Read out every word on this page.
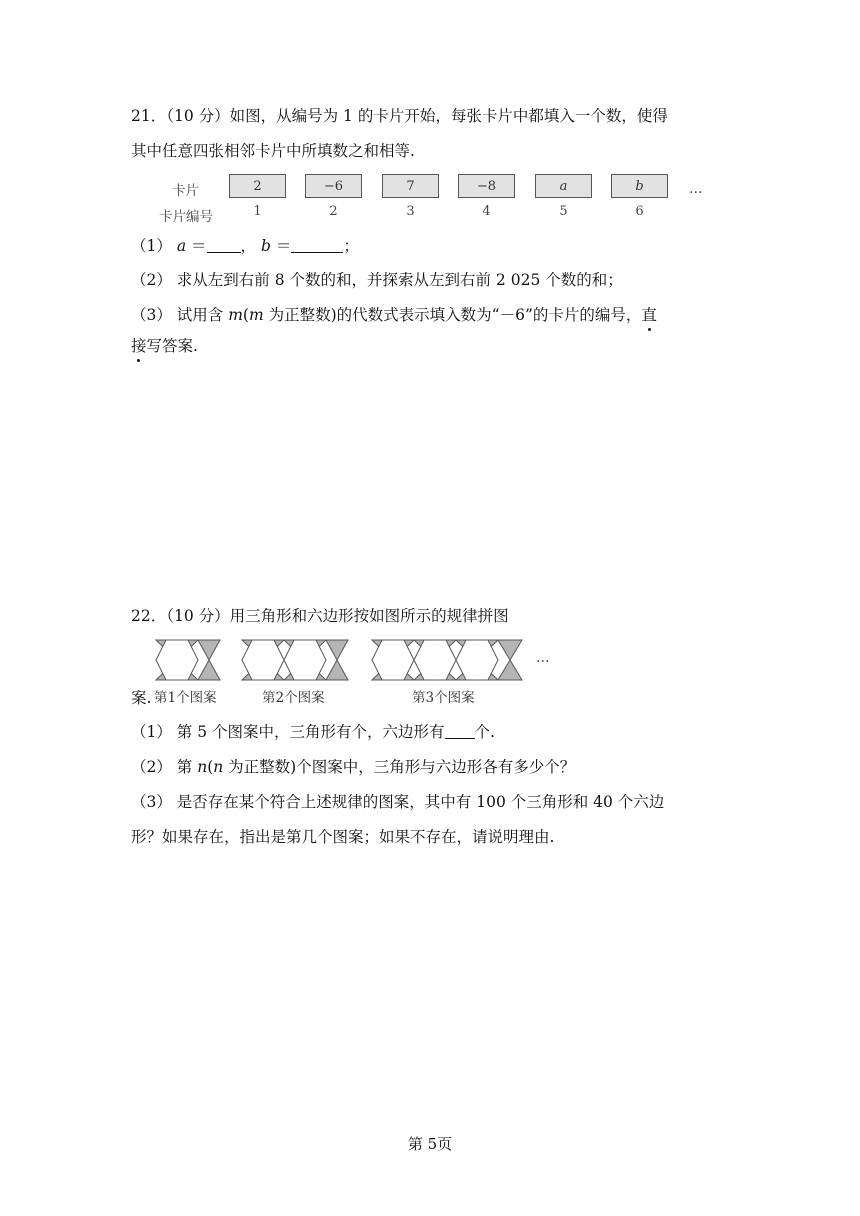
21．（10 分）如图，从编号为 1 的卡片开始，每张卡片中都填入一个数，使得
其中任意四张相邻卡片中所填数之和相等.
卡片
卡片编号
2	−6	7	−8	a	b	…
1	2	3	4	5	6
（1） a ＝ ， b ＝	；
（2） 求从左到右前 8 个数的和，并探索从左到右前 2 025 个数的和；
（3） 试用含 m(m 为正整数)的代数式表示填入数为“－6”的卡片的编号，直
接写答案.
22．（10 分）用三角形和六边形按如图所示的规律拼图
…
案. 第1个图案	第2个图案	第3个图案
（1） 第 5 个图案中，三角形有个，六边形有 个.
（2） 第 n(n 为正整数)个图案中，三角形与六边形各有多少个？
（3） 是否存在某个符合上述规律的图案，其中有 100 个三角形和 40 个六边
形？如果存在，指出是第几个图案；如果不存在，请说明理由.
第 5页
